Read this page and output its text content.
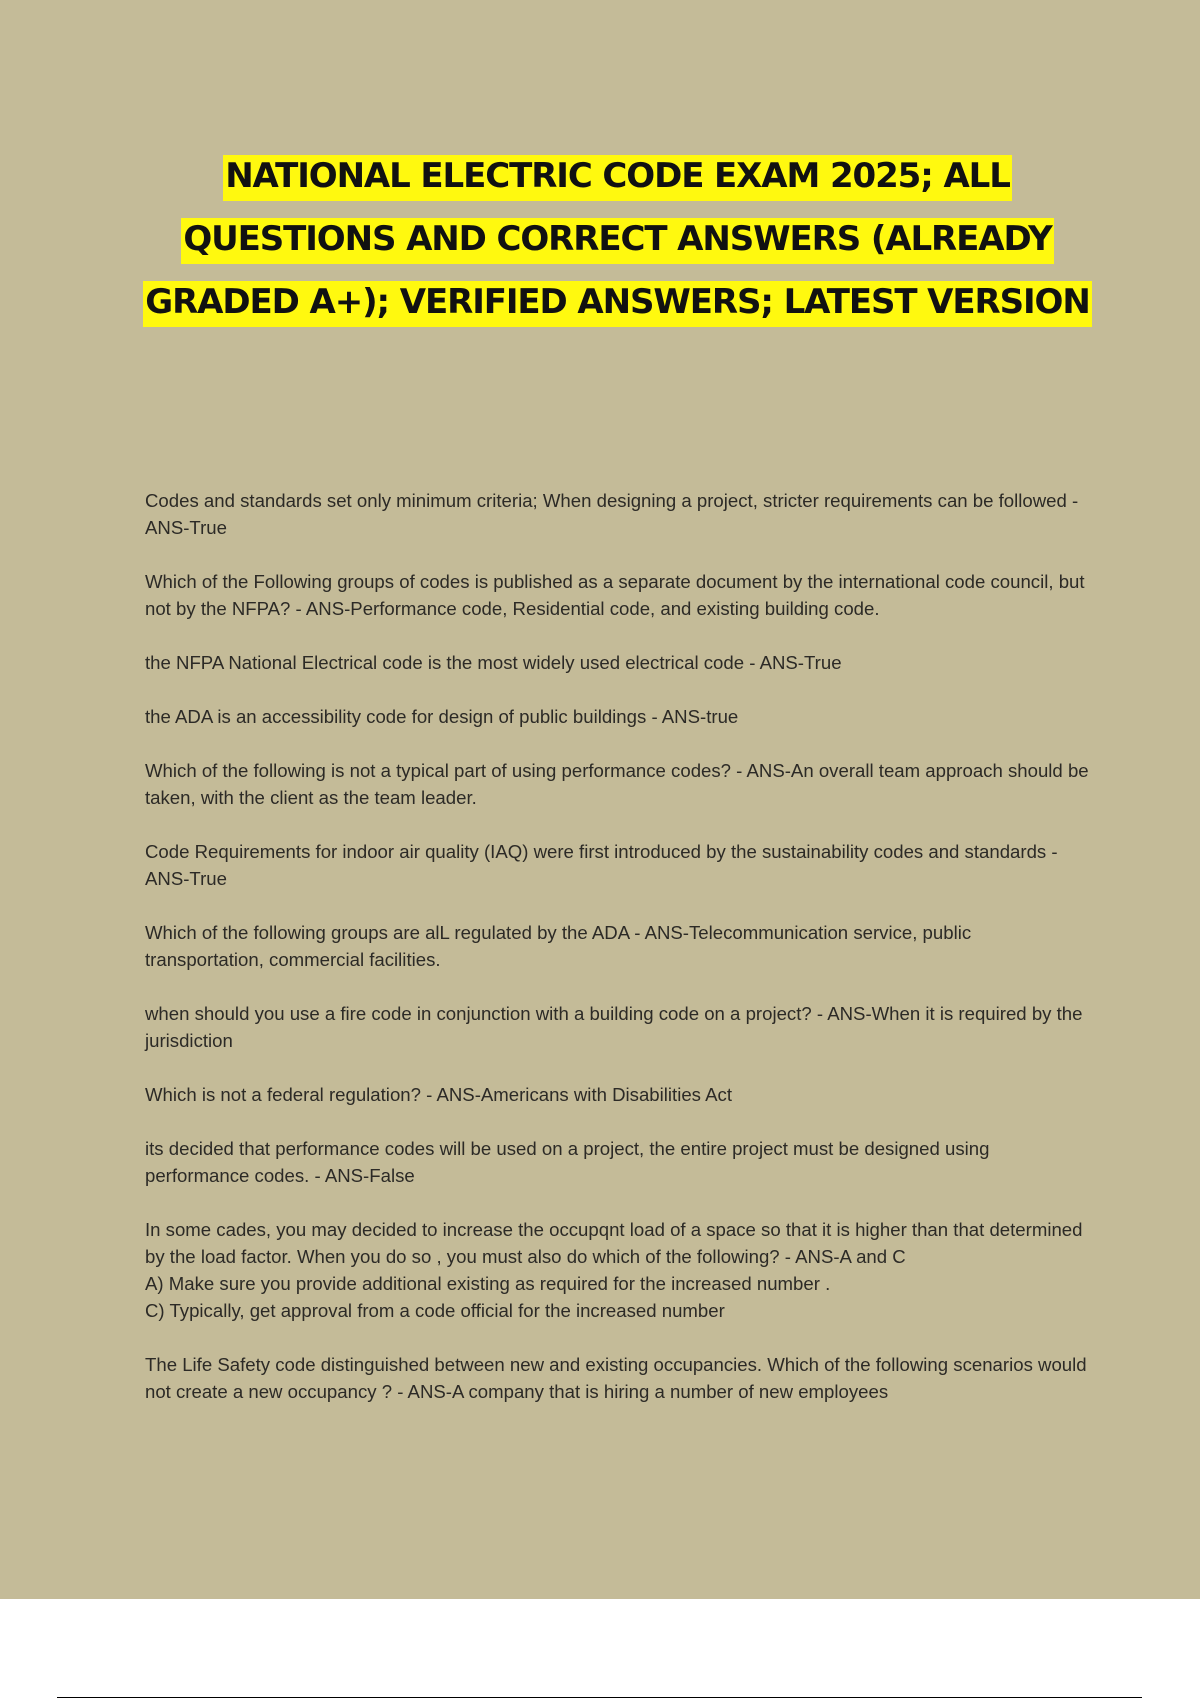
NATIONAL ELECTRIC CODE EXAM 2025; ALL
QUESTIONS AND CORRECT ANSWERS (ALREADY
GRADED A+); VERIFIED ANSWERS; LATEST VERSION

Codes and standards set only minimum criteria; When designing a project, stricter requirements can be followed - ANS-True

Which of the Following groups of codes is published as a separate document by the international code council, but not by the NFPA? - ANS-Performance code, Residential code, and existing building code.

the NFPA National Electrical code is the most widely used electrical code - ANS-True

the ADA is an accessibility code for design of public buildings - ANS-true

Which of the following is not a typical part of using performance codes? - ANS-An overall team approach should be taken, with the client as the team leader.

Code Requirements for indoor air quality (IAQ) were first introduced by the sustainability codes and standards - ANS-True

Which of the following groups are alL regulated by the ADA - ANS-Telecommunication service, public transportation, commercial facilities.

when should you use a fire code in conjunction with a building code on a project? - ANS-When it is required by the jurisdiction

Which is not a federal regulation? - ANS-Americans with Disabilities Act

its decided that performance codes will be used on a project, the entire project must be designed using performance codes. - ANS-False

In some cades, you may decided to increase the occupqnt load of a space so that it is higher than that determined by the load factor. When you do so , you must also do which of the following? - ANS-A and C
A) Make sure you provide additional existing as required for the increased number .
C) Typically, get approval from a code official for the increased number

The Life Safety code distinguished between new and existing occupancies. Which of the following scenarios would not create a new occupancy ? - ANS-A company that is hiring a number of new employees
